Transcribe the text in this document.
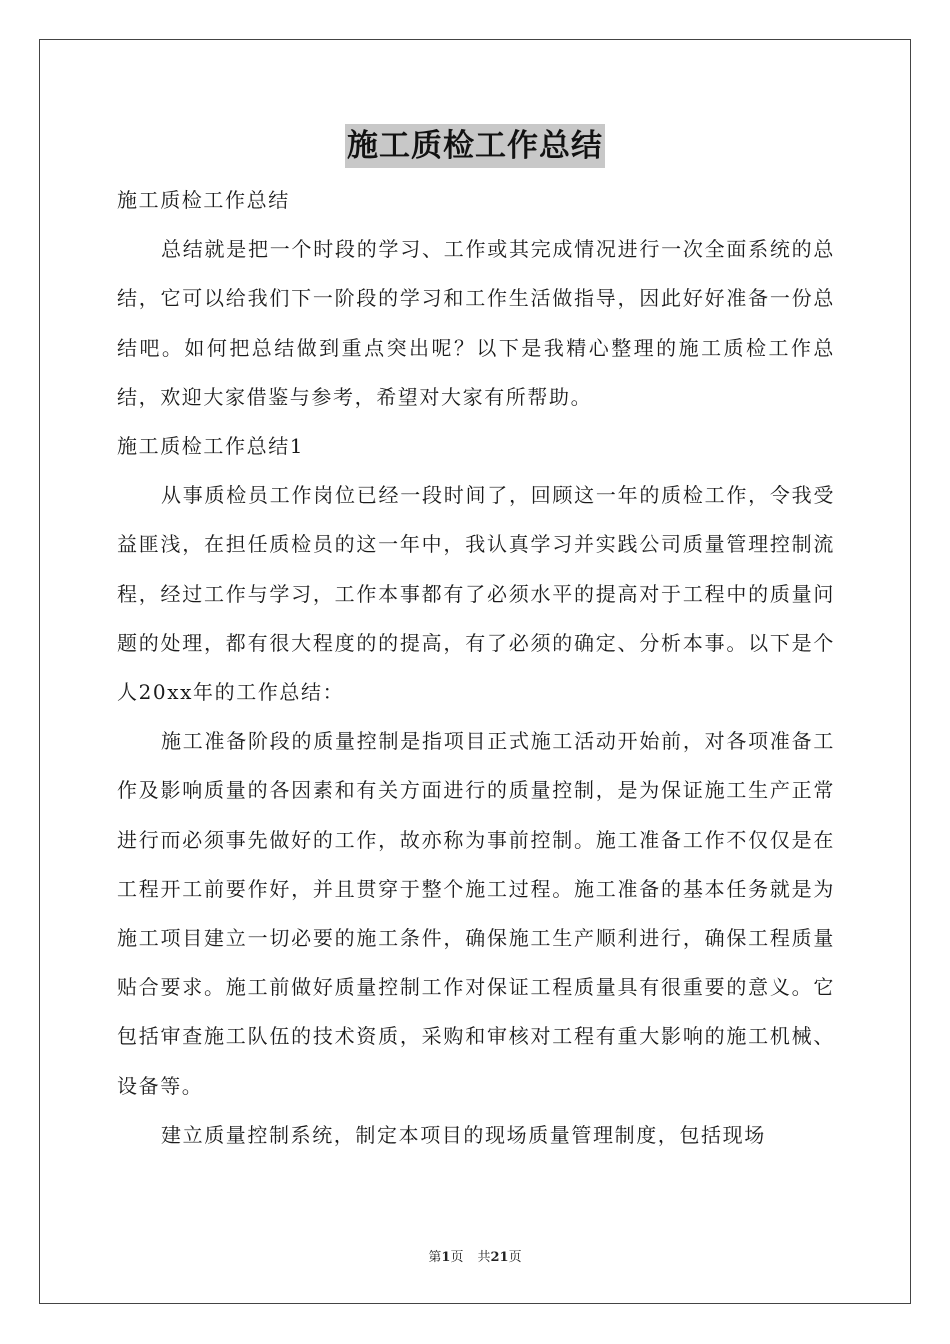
施工质检工作总结

施工质检工作总结

总结就是把一个时段的学习、工作或其完成情况进行一次全面系统的总结，它可以给我们下一阶段的学习和工作生活做指导，因此好好准备一份总结吧。如何把总结做到重点突出呢？以下是我精心整理的施工质检工作总结，欢迎大家借鉴与参考，希望对大家有所帮助。

施工质检工作总结1

从事质检员工作岗位已经一段时间了，回顾这一年的质检工作，令我受益匪浅，在担任质检员的这一年中，我认真学习并实践公司质量管理控制流程，经过工作与学习，工作本事都有了必须水平的提高对于工程中的质量问题的处理，都有很大程度的的提高，有了必须的确定、分析本事。以下是个人20xx年的工作总结：

施工准备阶段的质量控制是指项目正式施工活动开始前，对各项准备工作及影响质量的各因素和有关方面进行的质量控制，是为保证施工生产正常进行而必须事先做好的工作，故亦称为事前控制。施工准备工作不仅仅是在工程开工前要作好，并且贯穿于整个施工过程。施工准备的基本任务就是为施工项目建立一切必要的施工条件，确保施工生产顺利进行，确保工程质量贴合要求。施工前做好质量控制工作对保证工程质量具有很重要的意义。它包括审查施工队伍的技术资质，采购和审核对工程有重大影响的施工机械、设备等。

建立质量控制系统，制定本项目的现场质量管理制度，包括现场

第1页 共21页
